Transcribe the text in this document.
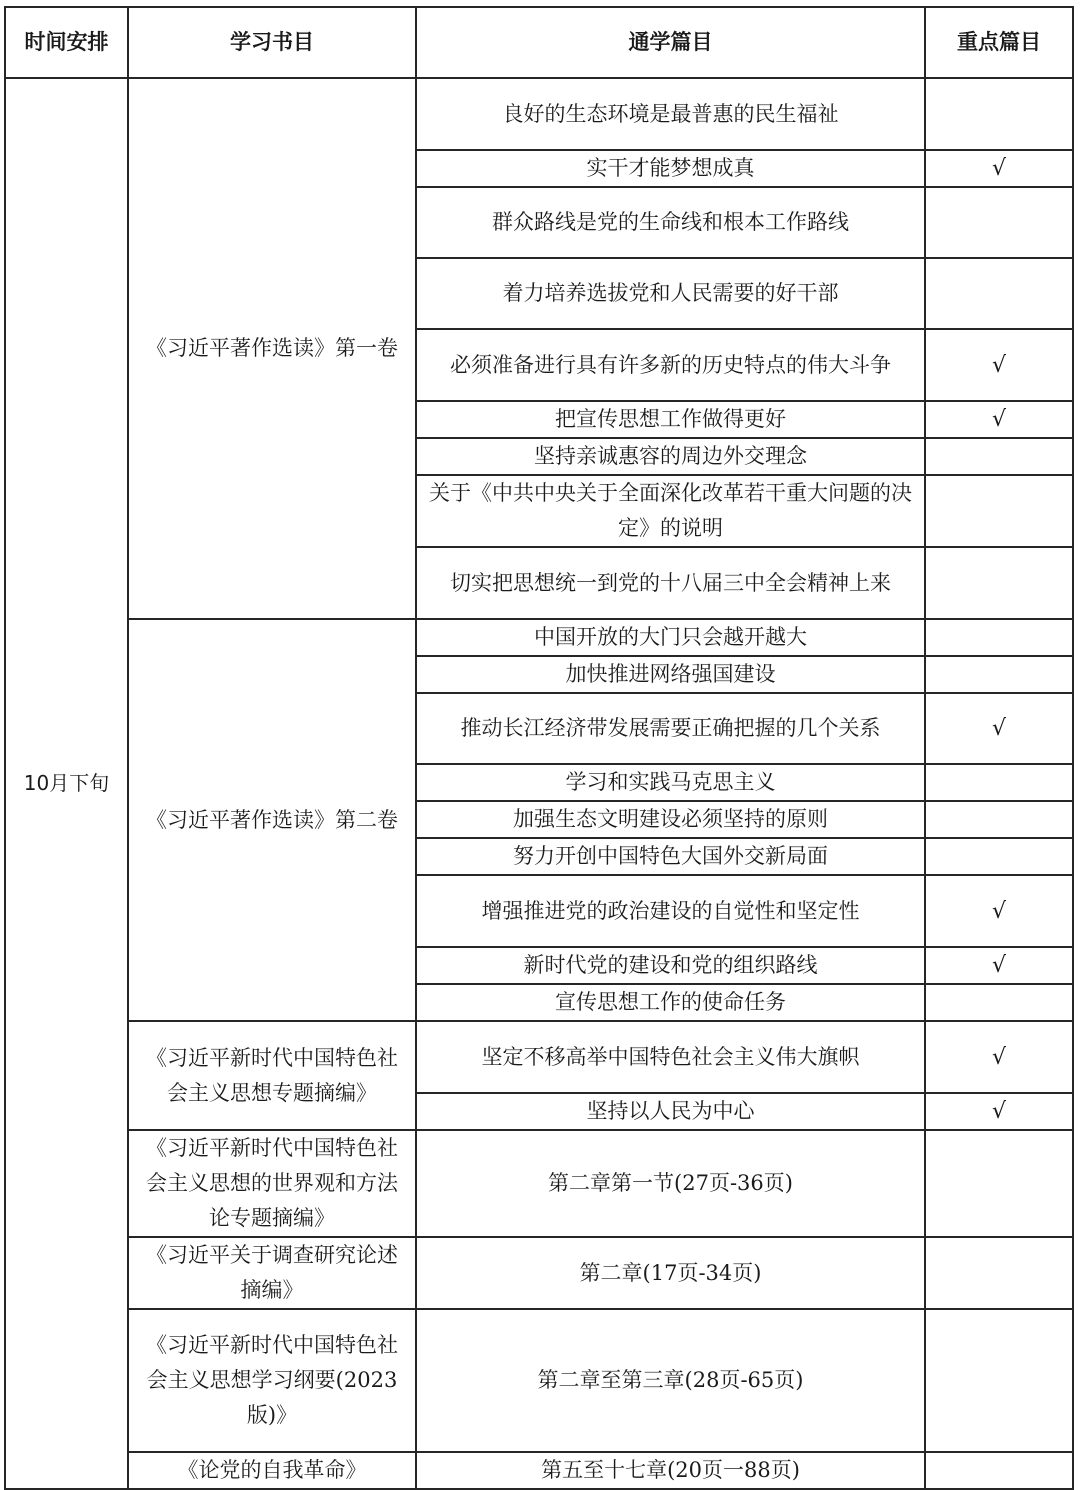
时间安排	学习书目	通学篇目	重点篇目
10月下旬	《习近平著作选读》第一卷	良好的生态环境是最普惠的民生福祉	
		实干才能梦想成真	√
		群众路线是党的生命线和根本工作路线	
		着力培养选拔党和人民需要的好干部	
		必须准备进行具有许多新的历史特点的伟大斗争	√
		把宣传思想工作做得更好	√
		坚持亲诚惠容的周边外交理念	
		关于《中共中央关于全面深化改革若干重大问题的决定》的说明	
		切实把思想统一到党的十八届三中全会精神上来	
	《习近平著作选读》第二卷	中国开放的大门只会越开越大	
		加快推进网络强国建设	
		推动长江经济带发展需要正确把握的几个关系	√
		学习和实践马克思主义	
		加强生态文明建设必须坚持的原则	
		努力开创中国特色大国外交新局面	
		增强推进党的政治建设的自觉性和坚定性	√
		新时代党的建设和党的组织路线	√
		宣传思想工作的使命任务	
	《习近平新时代中国特色社会主义思想专题摘编》	坚定不移高举中国特色社会主义伟大旗帜	√
		坚持以人民为中心	√
	《习近平新时代中国特色社会主义思想的世界观和方法论专题摘编》	第二章第一节(27页-36页)	
	《习近平关于调查研究论述摘编》	第二章(17页-34页)	
	《习近平新时代中国特色社会主义思想学习纲要(2023版)》	第二章至第三章(28页-65页)	
	《论党的自我革命》	第五至十七章(20页一88页)	
